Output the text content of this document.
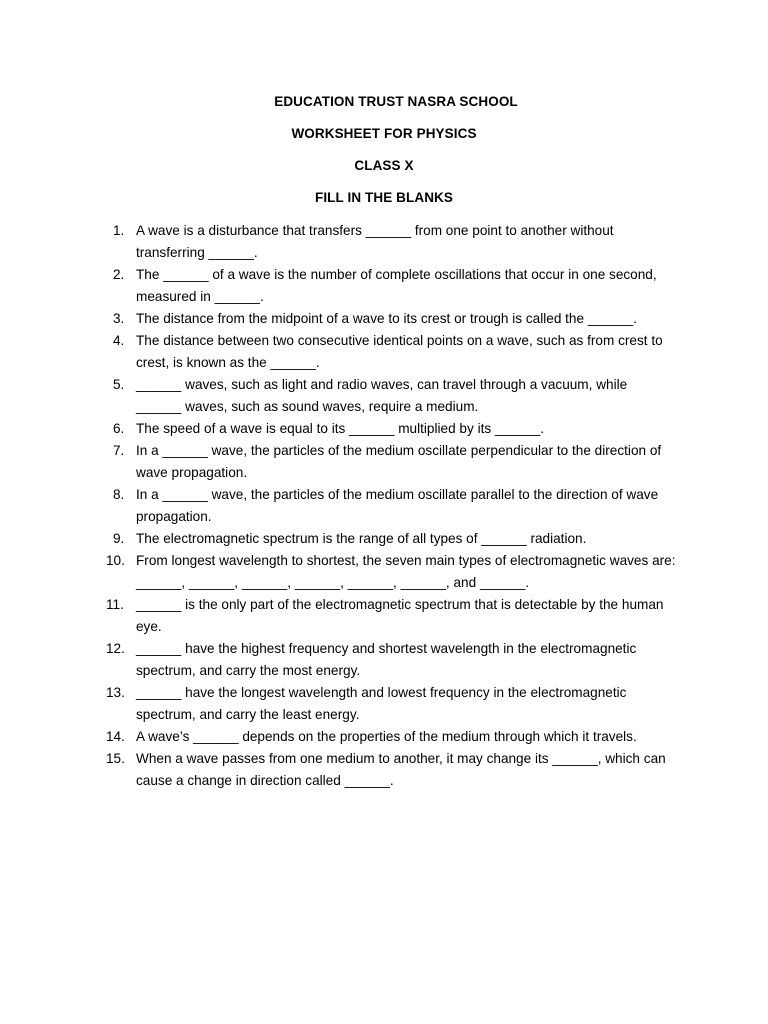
EDUCATION TRUST NASRA SCHOOL
WORKSHEET FOR PHYSICS
CLASS X
FILL IN THE BLANKS
1. A wave is a disturbance that transfers ______ from one point to another without transferring ______.
2. The ______ of a wave is the number of complete oscillations that occur in one second, measured in ______.
3. The distance from the midpoint of a wave to its crest or trough is called the ______.
4. The distance between two consecutive identical points on a wave, such as from crest to crest, is known as the ______.
5. ______ waves, such as light and radio waves, can travel through a vacuum, while ______ waves, such as sound waves, require a medium.
6. The speed of a wave is equal to its ______ multiplied by its ______.
7. In a ______ wave, the particles of the medium oscillate perpendicular to the direction of wave propagation.
8. In a ______ wave, the particles of the medium oscillate parallel to the direction of wave propagation.
9. The electromagnetic spectrum is the range of all types of ______ radiation.
10. From longest wavelength to shortest, the seven main types of electromagnetic waves are: ______, ______, ______, ______, ______, ______, and ______.
11. ______ is the only part of the electromagnetic spectrum that is detectable by the human eye.
12. ______ have the highest frequency and shortest wavelength in the electromagnetic spectrum, and carry the most energy.
13. ______ have the longest wavelength and lowest frequency in the electromagnetic spectrum, and carry the least energy.
14. A wave’s ______ depends on the properties of the medium through which it travels.
15. When a wave passes from one medium to another, it may change its ______, which can cause a change in direction called ______.
